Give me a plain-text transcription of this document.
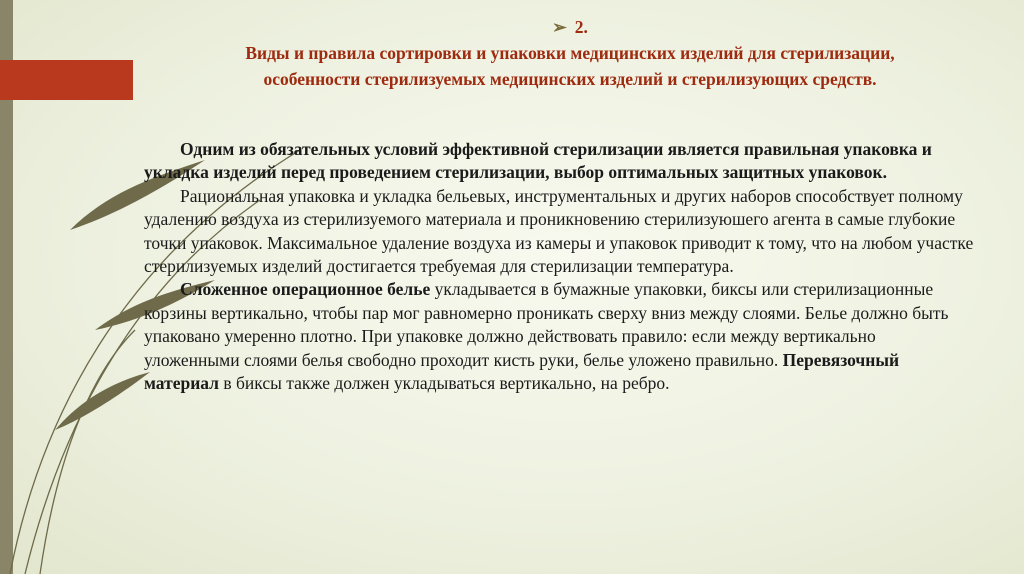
➢ 2.
Виды и правила сортировки и упаковки медицинских изделий для стерилизации,
особенности стерилизуемых медицинских изделий и стерилизующих средств.

Одним из обязательных условий эффективной стерилизации является правильная упаковка и укладка изделий перед проведением стерилизации, выбор оптимальных защитных упаковок.

Рациональная упаковка и укладка бельевых, инструментальных и других наборов способствует полному удалению воздуха из стерилизуемого материала и проникновению стерилизуюшего агента в самые глубокие точки упаковок. Максимальное удаление воздуха из камеры и упаковок приводит к тому, что на любом участке стерилизуемых изделий достигается требуемая для стерилизации температура.

Сложенное операционное белье укладывается в бумажные упаковки, биксы или стерилизационные корзины вертикально, чтобы пар мог равномерно проникать сверху вниз между слоями. Белье должно быть упаковано умеренно плотно. При упаковке должно действовать правило: если между вертикально уложенными слоями белья свободно проходит кисть руки, белье уложено правильно. Перевязочный материал в биксы также должен укладываться вертикально, на ребро.
